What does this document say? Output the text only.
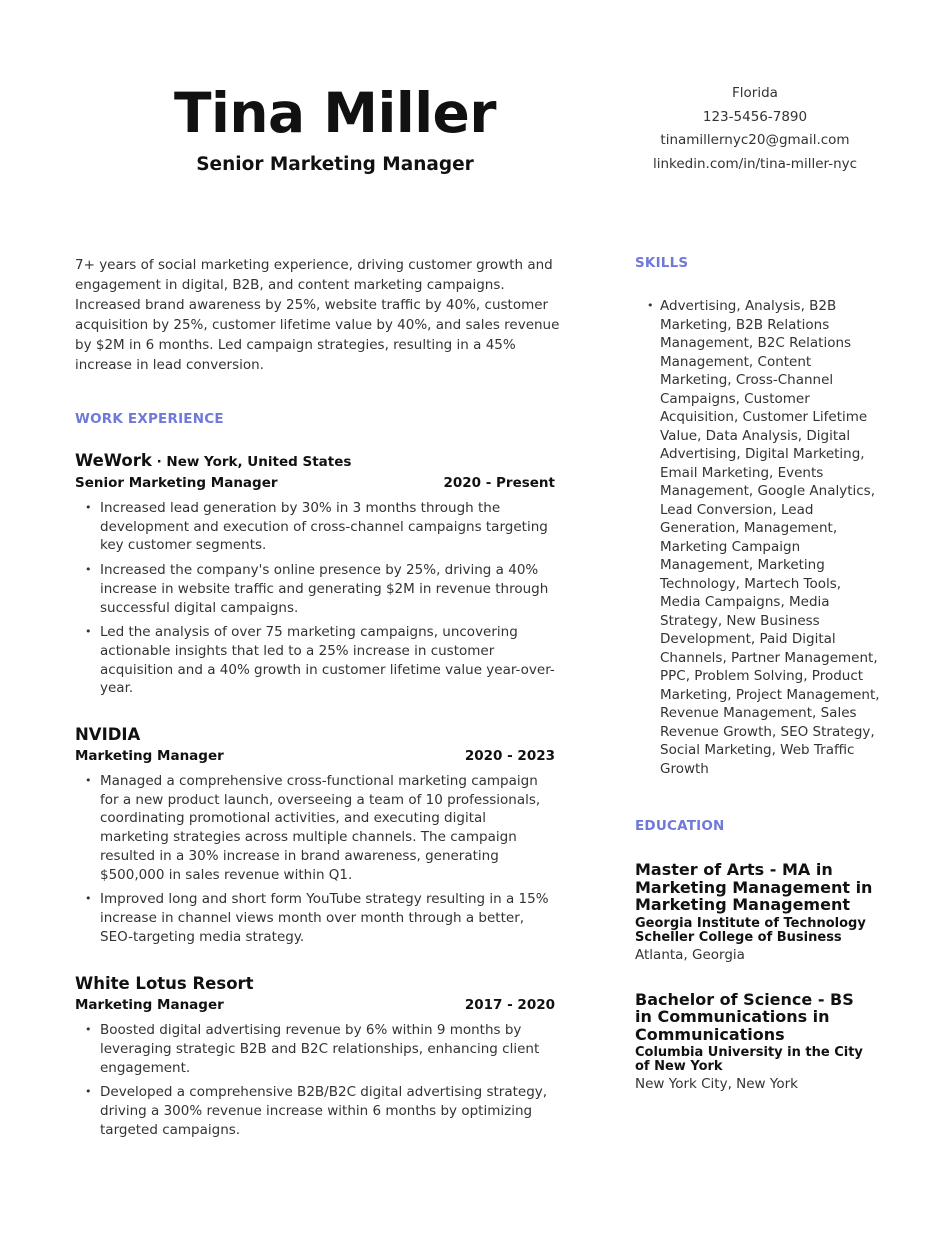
Tina Miller
Senior Marketing Manager
Florida
123-5456-7890
tinamillernyc20@gmail.com
linkedin.com/in/tina-miller-nyc

7+ years of social marketing experience, driving customer growth and engagement in digital, B2B, and content marketing campaigns. Increased brand awareness by 25%, website traffic by 40%, customer acquisition by 25%, customer lifetime value by 40%, and sales revenue by $2M in 6 months. Led campaign strategies, resulting in a 45% increase in lead conversion.

WORK EXPERIENCE
WeWork · New York, United States
Senior Marketing Manager	2020 - Present
• Increased lead generation by 30% in 3 months through the development and execution of cross-channel campaigns targeting key customer segments.
• Increased the company's online presence by 25%, driving a 40% increase in website traffic and generating $2M in revenue through successful digital campaigns.
• Led the analysis of over 75 marketing campaigns, uncovering actionable insights that led to a 25% increase in customer acquisition and a 40% growth in customer lifetime value year-over-year.
NVIDIA
Marketing Manager	2020 - 2023
• Managed a comprehensive cross-functional marketing campaign for a new product launch, overseeing a team of 10 professionals, coordinating promotional activities, and executing digital marketing strategies across multiple channels. The campaign resulted in a 30% increase in brand awareness, generating $500,000 in sales revenue within Q1.
• Improved long and short form YouTube strategy resulting in a 15% increase in channel views month over month through a better, SEO-targeting media strategy.
White Lotus Resort
Marketing Manager	2017 - 2020
• Boosted digital advertising revenue by 6% within 9 months by leveraging strategic B2B and B2C relationships, enhancing client engagement.
• Developed a comprehensive B2B/B2C digital advertising strategy, driving a 300% revenue increase within 6 months by optimizing targeted campaigns.
SKILLS
• Advertising, Analysis, B2B Marketing, B2B Relations Management, B2C Relations Management, Content Marketing, Cross-Channel Campaigns, Customer Acquisition, Customer Lifetime Value, Data Analysis, Digital Advertising, Digital Marketing, Email Marketing, Events Management, Google Analytics, Lead Conversion, Lead Generation, Management, Marketing Campaign Management, Marketing Technology, Martech Tools, Media Campaigns, Media Strategy, New Business Development, Paid Digital Channels, Partner Management, PPC, Problem Solving, Product Marketing, Project Management, Revenue Management, Sales Revenue Growth, SEO Strategy, Social Marketing, Web Traffic Growth
EDUCATION

Master of Arts - MA in Marketing Management in Marketing Management

Georgia Institute of Technology Scheller College of Business

Atlanta, Georgia

Bachelor of Science - BS in Communications in Communications

Columbia University in the City of New York

New York City, New York
